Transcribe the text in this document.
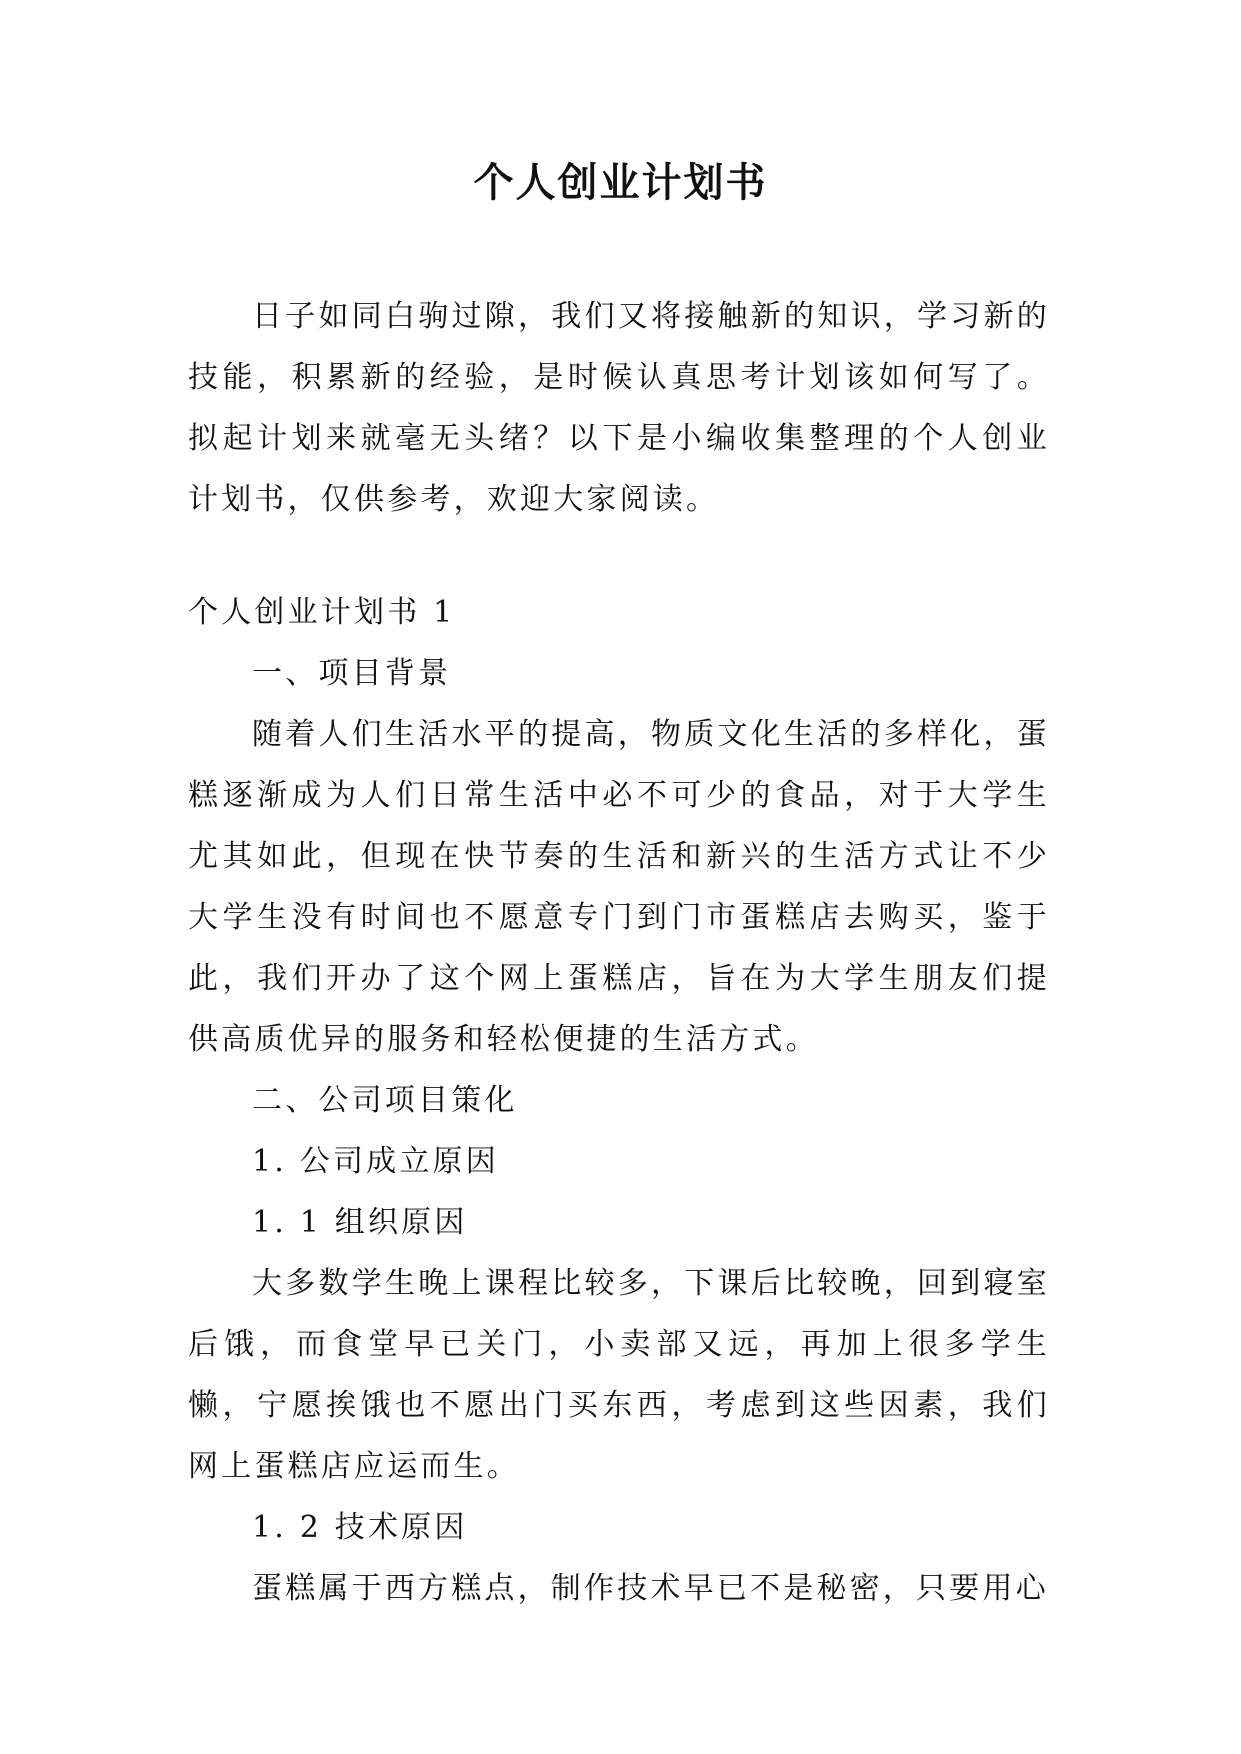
个人创业计划书

日子如同白驹过隙，我们又将接触新的知识，学习新的技能，积累新的经验，是时候认真思考计划该如何写了。拟起计划来就毫无头绪？以下是小编收集整理的个人创业计划书，仅供参考，欢迎大家阅读。

个人创业计划书 1

一、项目背景

随着人们生活水平的提高，物质文化生活的多样化，蛋糕逐渐成为人们日常生活中必不可少的食品，对于大学生尤其如此，但现在快节奏的生活和新兴的生活方式让不少大学生没有时间也不愿意专门到门市蛋糕店去购买，鉴于此，我们开办了这个网上蛋糕店，旨在为大学生朋友们提供高质优异的服务和轻松便捷的生活方式。

二、公司项目策化

1. 公司成立原因

1. 1 组织原因

大多数学生晚上课程比较多，下课后比较晚，回到寝室后饿，而食堂早已关门，小卖部又远，再加上很多学生懒，宁愿挨饿也不愿出门买东西，考虑到这些因素，我们网上蛋糕店应运而生。

1. 2 技术原因

蛋糕属于西方糕点，制作技术早已不是秘密，只要用心
